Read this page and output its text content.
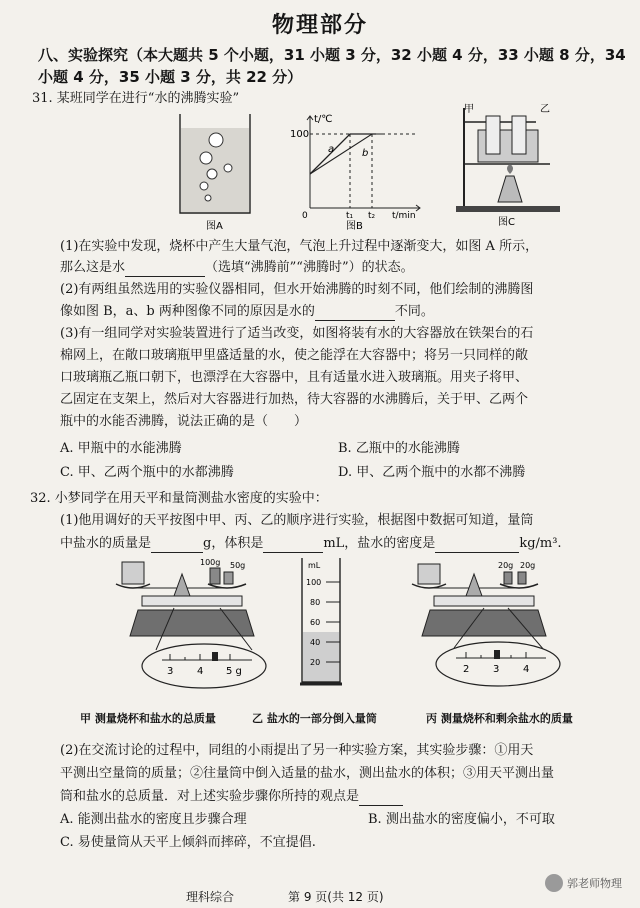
物理部分
八、实验探究（本大题共 5 个小题，31 小题 3 分，32 小题 4 分，33 小题 8 分，34 小题 4 分，35 小题 3 分，共 22 分）
31. 某班同学在进行“水的沸腾实验”
图A
t/℃
100
0	t₁ t₂ t/min
a	b
图B
甲	乙
图C
(1)在实验中发现，烧杯中产生大量气泡，气泡上升过程中逐渐变大，如图 A 所示，
那么这是水	（选填“沸腾前”“沸腾时”）的状态。
(2)有两组虽然选用的实验仪器相同，但水开始沸腾的时刻不同，他们绘制的沸腾图
像如图 B，a、b 两种图像不同的原因是水的	不同。
(3)有一组同学对实验装置进行了适当改变，如图将装有水的大容器放在铁架台的石
棉网上，在敞口玻璃瓶甲里盛适量的水，使之能浮在大容器中；将另一只同样的敞
口玻璃瓶乙瓶口朝下，也漂浮在大容器中，且有适量水进入玻璃瓶。用夹子将甲、
乙固定在支架上，然后对大容器进行加热，待大容器的水沸腾后，关于甲、乙两个
瓶中的水能否沸腾，说法正确的是（　　）
A. 甲瓶中的水能沸腾	B. 乙瓶中的水能沸腾
C. 甲、乙两个瓶中的水都沸腾	D. 甲、乙两个瓶中的水都不沸腾
32. 小梦同学在用天平和量筒测盐水密度的实验中：
(1)他用调好的天平按图中甲、丙、乙的顺序进行实验，根据图中数据可知道，量筒
中盐水的质量是	g，体积是	mL，盐水的密度是	kg/m³.
100g 50g
3 4 5 g
mL
100
80
60
40
20
20g 20g
2 3 4
甲 测量烧杯和盐水的总质量	乙 盐水的一部分倒入量筒	丙 测量烧杯和剩余盐水的质量
(2)在交流讨论的过程中，同组的小雨提出了另一种实验方案，其实验步骤：①用天
平测出空量筒的质量；②往量筒中倒入适量的盐水，测出盐水的体积；③用天平测出量
筒和盐水的总质量．对上述实验步骤你所持的观点是
A. 能测出盐水的密度且步骤合理	B. 测出盐水的密度偏小，不可取
C. 易使量筒从天平上倾斜而摔碎，不宜提倡.
理科综合	第 9 页(共 12 页)
郭老师物理
